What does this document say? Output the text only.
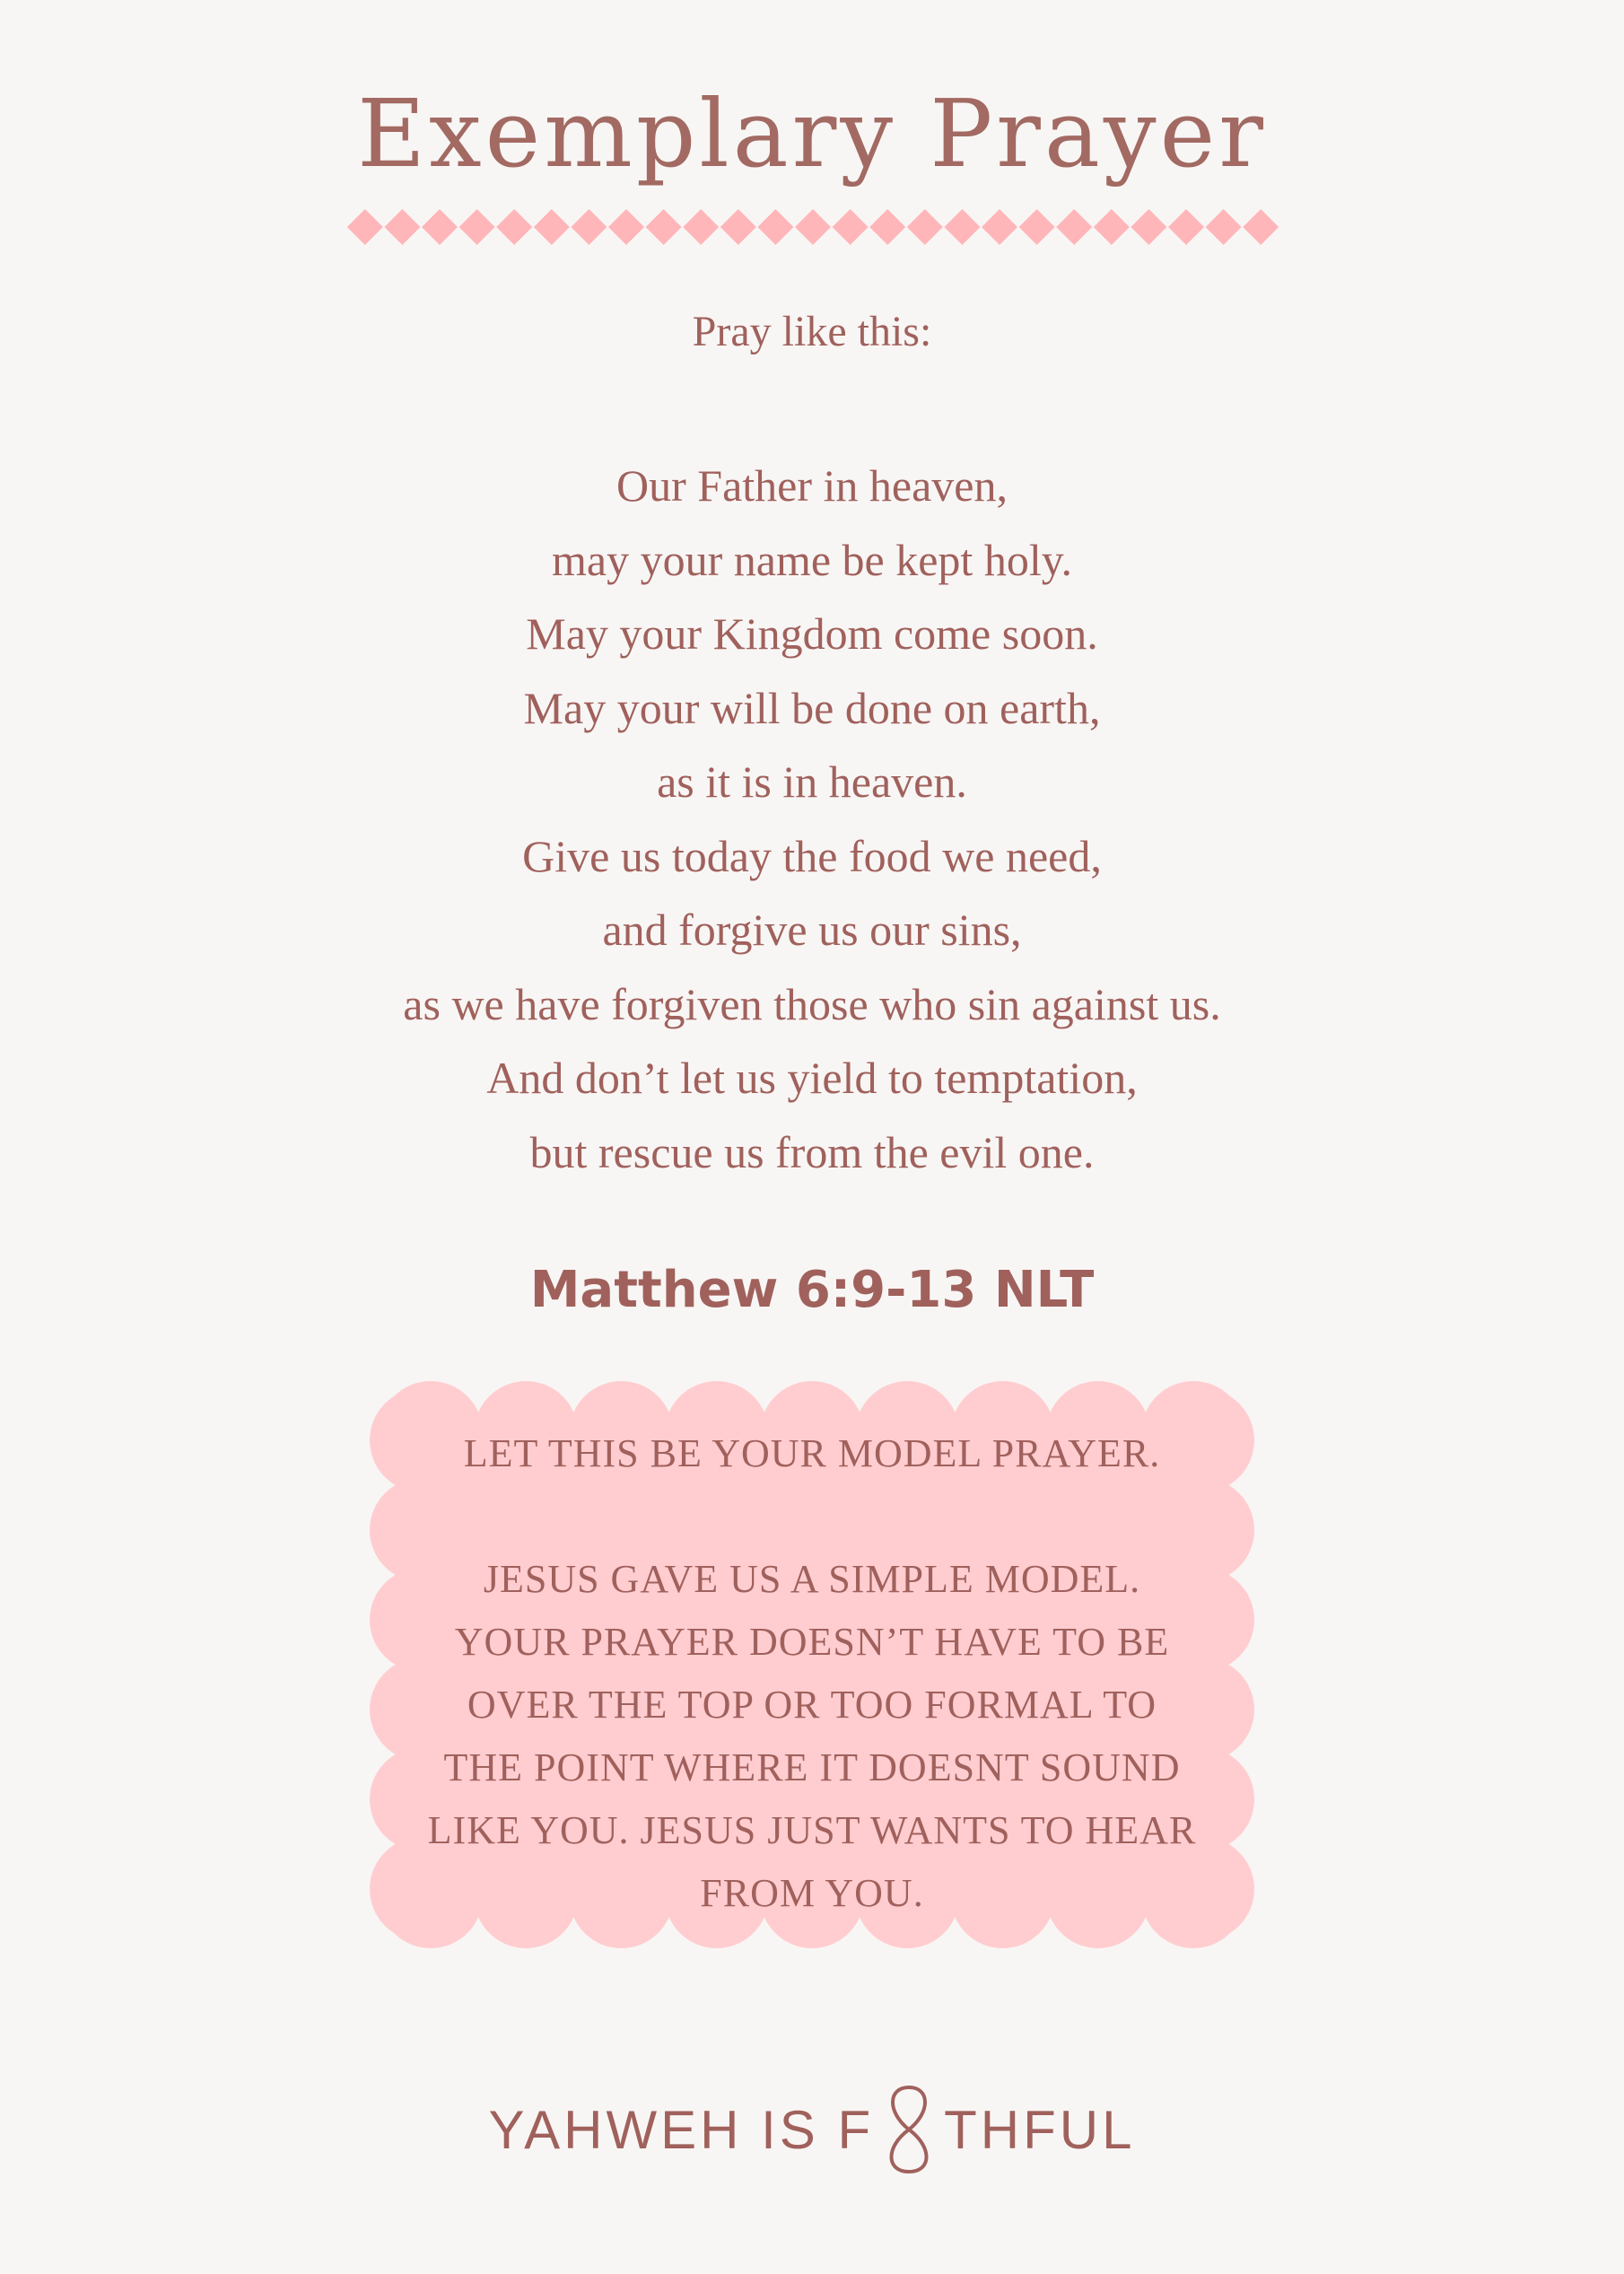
Exemplary Prayer
Pray like this:
Our Father in heaven,
may your name be kept holy.
May your Kingdom come soon.
May your will be done on earth,
as it is in heaven.
Give us today the food we need,
and forgive us our sins,
as we have forgiven those who sin against us.
And don’t let us yield to temptation,
but rescue us from the evil one.
Matthew 6:9-13 NLT
LET THIS BE YOUR MODEL PRAYER.
JESUS GAVE US A SIMPLE MODEL.
YOUR PRAYER DOESN’T HAVE TO BE
OVER THE TOP OR TOO FORMAL TO
THE POINT WHERE IT DOESNT SOUND
LIKE YOU. JESUS JUST WANTS TO HEAR
FROM YOU.
YAHWEH IS F THFUL
